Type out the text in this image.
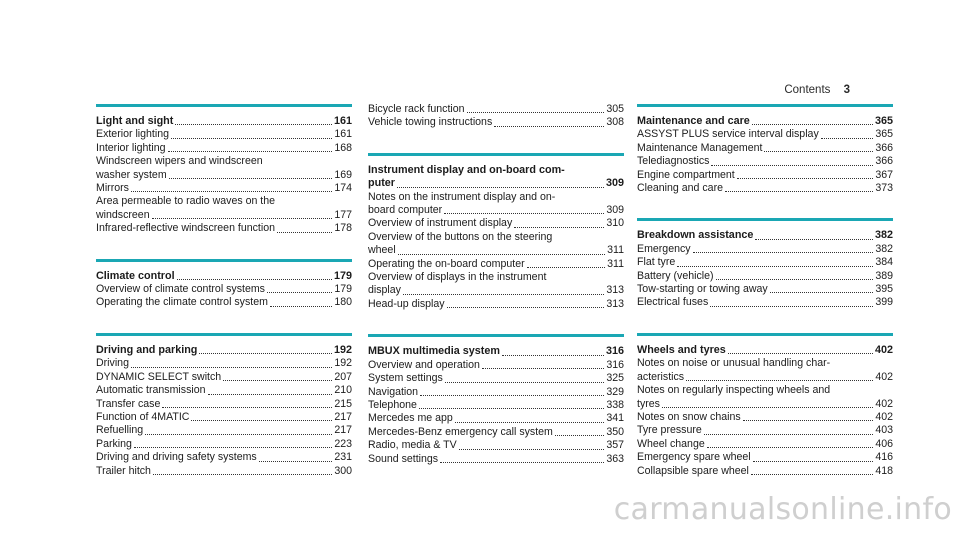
Contents 3
Light and sight	161
Exterior lighting	161
Interior lighting	168
Windscreen wipers and windscreen
washer system	169
Mirrors	174
Area permeable to radio waves on the
windscreen	177
Infrared-reflective windscreen function	178
Climate control	179
Overview of climate control systems	179
Operating the climate control system	180
Driving and parking	192
Driving	192
DYNAMIC SELECT switch	207
Automatic transmission	210
Transfer case	215
Function of 4MATIC	217
Refuelling	217
Parking	223
Driving and driving safety systems	231
Trailer hitch	300
Bicycle rack function	305
Vehicle towing instructions	308
Instrument display and on-board com-
puter	309
Notes on the instrument display and on-
board computer	309
Overview of instrument display	310
Overview of the buttons on the steering
wheel	311
Operating the on-board computer	311
Overview of displays in the instrument
display	313
Head-up display	313
MBUX multimedia system	316
Overview and operation	316
System settings	325
Navigation	329
Telephone	338
Mercedes me app	341
Mercedes-Benz emergency call system	350
Radio, media & TV	357
Sound settings	363
Maintenance and care	365
ASSYST PLUS service interval display	365
Maintenance Management	366
Telediagnostics	366
Engine compartment	367
Cleaning and care	373
Breakdown assistance	382
Emergency	382
Flat tyre	384
Battery (vehicle)	389
Tow-starting or towing away	395
Electrical fuses	399
Wheels and tyres	402
Notes on noise or unusual handling char-
acteristics	402
Notes on regularly inspecting wheels and
tyres	402
Notes on snow chains	402
Tyre pressure	403
Wheel change	406
Emergency spare wheel	416
Collapsible spare wheel	418
carmanualsonline.info
